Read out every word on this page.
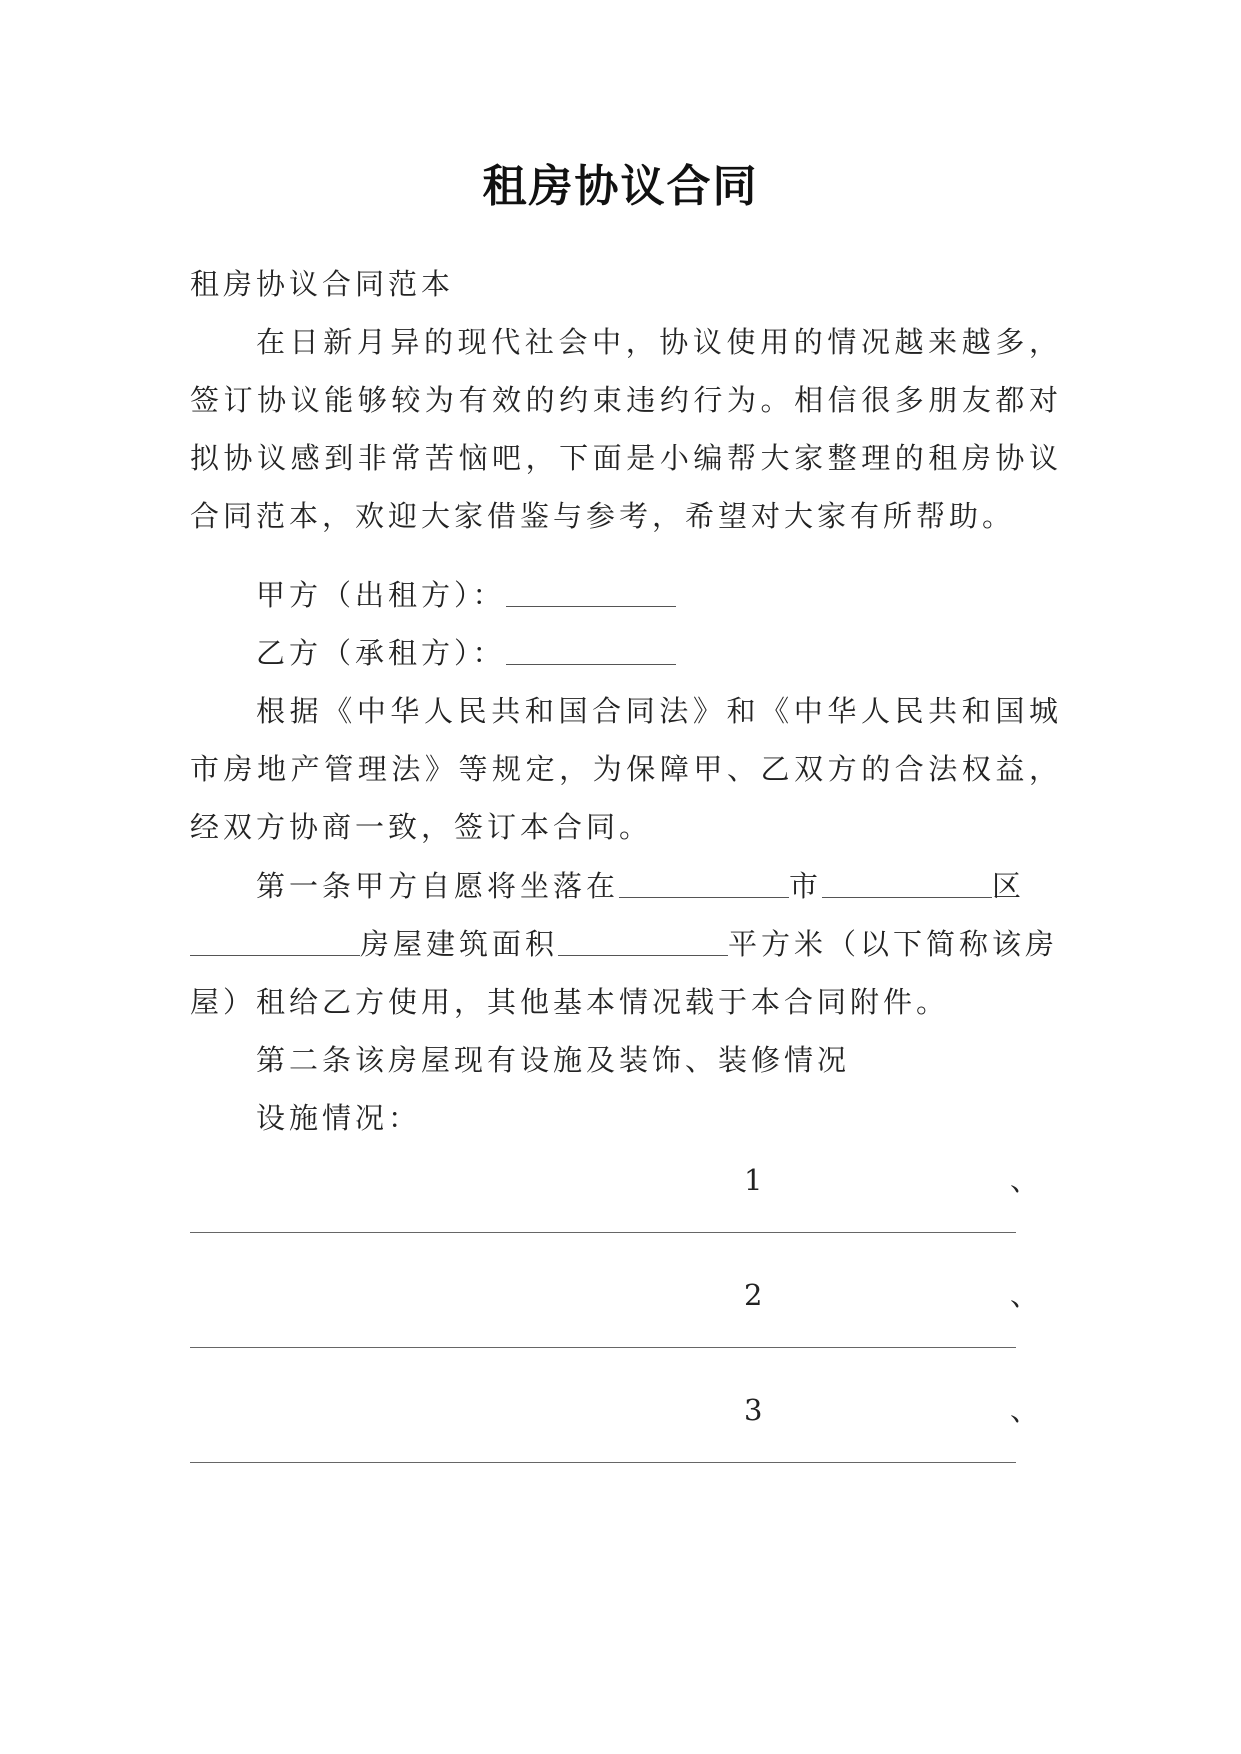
租房协议合同
租房协议合同范本
在日新月异的现代社会中，协议使用的情况越来越多，签订协议能够较为有效的约束违约行为。相信很多朋友都对拟协议感到非常苦恼吧，下面是小编帮大家整理的租房协议合同范本，欢迎大家借鉴与参考，希望对大家有所帮助。
甲方（出租方）：
乙方（承租方）：
根据《中华人民共和国合同法》和《中华人民共和国城市房地产管理法》等规定，为保障甲、乙双方的合法权益，经双方协商一致，签订本合同。
第一条甲方自愿将坐落在	市	区
房屋建筑面积	平方米（以下简称该房
屋）租给乙方使用，其他基本情况载于本合同附件。
第二条该房屋现有设施及装饰、装修情况
设施情况：
1	、
2	、
3	、
